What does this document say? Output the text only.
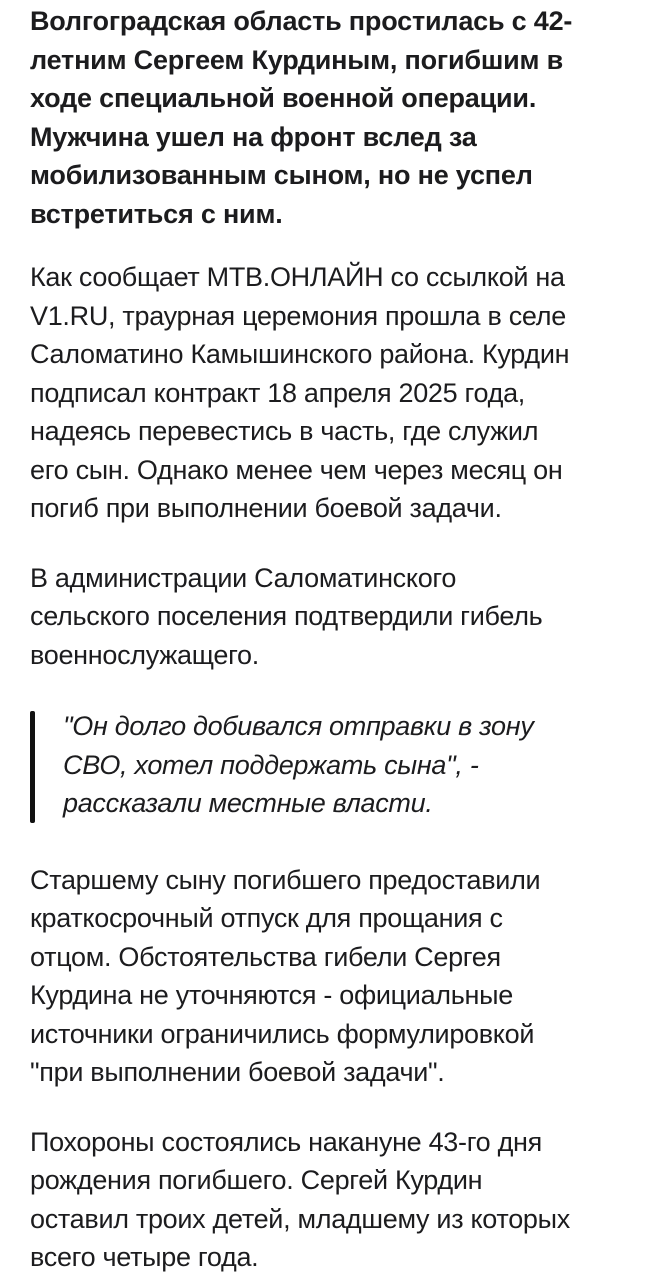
Волгоградская область простилась с 42-
летним Сергеем Курдиным, погибшим в
ходе специальной военной операции.
Мужчина ушел на фронт вслед за
мобилизованным сыном, но не успел
встретиться с ним.

Как сообщает МТВ.ОНЛАЙН со ссылкой на
V1.RU, траурная церемония прошла в селе
Саломатино Камышинского района. Курдин
подписал контракт 18 апреля 2025 года,
надеясь перевестись в часть, где служил
его сын. Однако менее чем через месяц он
погиб при выполнении боевой задачи.

В администрации Саломатинского
сельского поселения подтвердили гибель
военнослужащего.

"Он долго добивался отправки в зону
СВО, хотел поддержать сына", -
рассказали местные власти.

Старшему сыну погибшего предоставили
краткосрочный отпуск для прощания с
отцом. Обстоятельства гибели Сергея
Курдина не уточняются - официальные
источники ограничились формулировкой
"при выполнении боевой задачи".

Похороны состоялись накануне 43-го дня
рождения погибшего. Сергей Курдин
оставил троих детей, младшему из которых
всего четыре года.
